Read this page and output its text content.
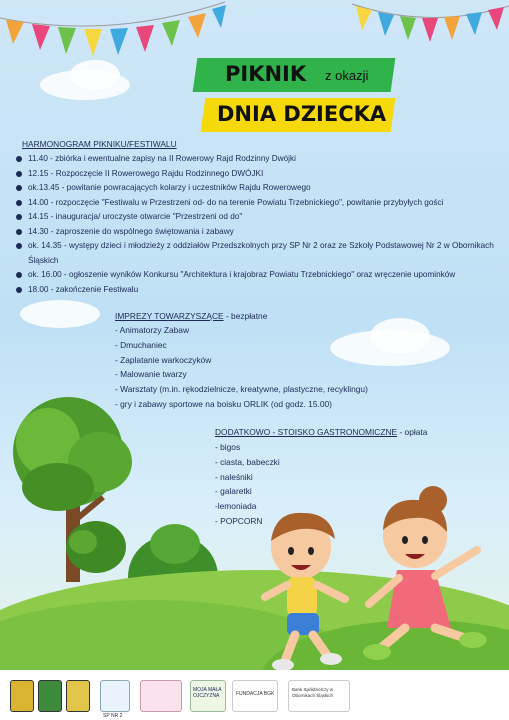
PIKNIK z okazji
DNIA DZIECKA
HARMONOGRAM PIKNIKU/FESTIWALU
11.40 - zbiórka i ewentualne zapisy na II Rowerowy Rajd Rodzinny Dwójki
12.15 - Rozpoczęcie II Rowerowego Rajdu Rodzinnego DWÓJKI
ok.13.45 - powitanie powracających kolarzy i uczestników Rajdu Rowerowego
14.00 - rozpoczęcie "Festiwalu w Przestrzeni od- do na terenie Powiatu Trzebnickiego", powitanie przybyłych gości
14.15 - inauguracja/ uroczyste otwarcie "Przestrzeni od do"
14.30 - zaproszenie do wspólnego świętowania i zabawy
ok. 14.35 - występy dzieci i młodzieży z oddziałów Przedszkolnych przy SP Nr 2 oraz ze Szkoły Podstawowej Nr 2 w Obornikach Śląskich
ok. 16.00 - ogłoszenie wyników Konkursu "Architektura i krajobraz Powiatu Trzebnickiego" oraz wręczenie upominków
18.00 - zakończenie Festiwalu
IMPREZY TOWARZYSZĄCE - bezpłatne
- Animatorzy Zabaw
- Dmuchaniec
- Zaplatanie warkoczyków
- Malowanie twarzy
- Warsztaty (m.in. rękodzielnicze, kreatywne, plastyczne, recyklingu)
- gry i zabawy sportowe na boisku ORLIK (od godz. 15.00)
DODATKOWO - STOISKO GASTRONOMICZNE - opłata
- bigos
- ciasta, babeczki
- naleśniki
- galaretki
-lemoniada
- POPCORN
SP NR 2
MOJA MAŁA OJCZYZNA	FUNDACJA BGK
Bank Spółdzielczy w Obornikach Śląskich
